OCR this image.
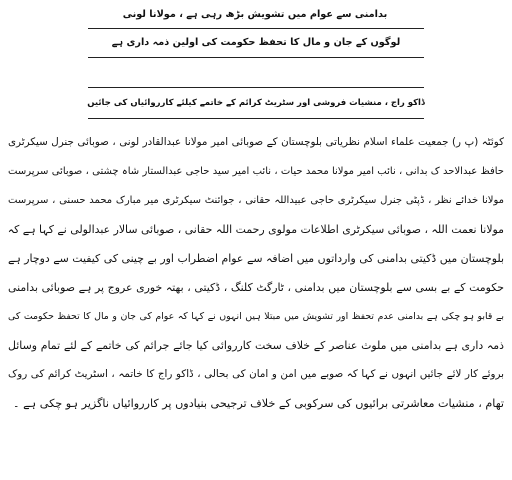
بدامنی سے عوام میں تشویش بڑھ رہی ہے ، مولانا لونی
لوگوں کے جان و مال کا تحفظ حکومت کی اولین ذمہ داری ہے
ڈاکو راج ، منشیات فروشی اور سٹریٹ کرائم کے خاتمے کیلئے کارروائیاں کی جائیں
کوئٹہ (پ ر) جمعیت علماء اسلام نظریاتی بلوچستان کے صوبائی امیر مولانا عبدالقادر لونی ، صوبائی جنرل سیکرٹری
حافظ عبدالاحد ک بدانی ، نائب امیر مولانا محمد حیات ، نائب امیر سید حاجی عبدالستار شاہ چشتی ، صوبائی سرپرست
مولانا خدائے نظر ، ڈپٹی جنرل سیکرٹری حاجی عبیداللہ حقانی ، جوائنٹ سیکرٹری میر مبارک محمد حسنی ، سرپرست
مولانا نعمت اللہ ، صوبائی سیکرٹری اطلاعات مولوی رحمت اللہ حقانی ، صوبائی سالار عبدالولی نے کہا ہے کہ
بلوچستان میں ڈکیتی بدامنی کی وارداتوں میں اضافہ سے عوام اضطراب اور بے چینی کی کیفیت سے دوچار ہے
حکومت کے بے بسی سے بلوچستان میں بدامنی ، ٹارگٹ کلنگ ، ڈکیتی ، بھتہ خوری عروج پر ہے صوبائی بدامنی
بے قابو ہو چکی ہے بدامنی عدم تحفظ اور تشویش میں مبتلا ہیں انہوں نے کہا کہ عوام کی جان و مال کا تحفظ حکومت کی
ذمہ داری ہے بدامنی میں ملوث عناصر کے خلاف سخت کارروائی کیا جائے جرائم کی خاتمے کے لئے تمام وسائل
بروئے کار لائے جائیں انہوں نے کہا کہ صوبے میں امن و امان کی بحالی ، ڈاکو راج کا خاتمہ ، اسٹریٹ کرائم کی روک
تھام ، منشیات معاشرتی برائیوں کی سرکوبی کے خلاف ترجیحی بنیادوں پر کارروائیاں ناگزیر ہو چکی ہے ۔
